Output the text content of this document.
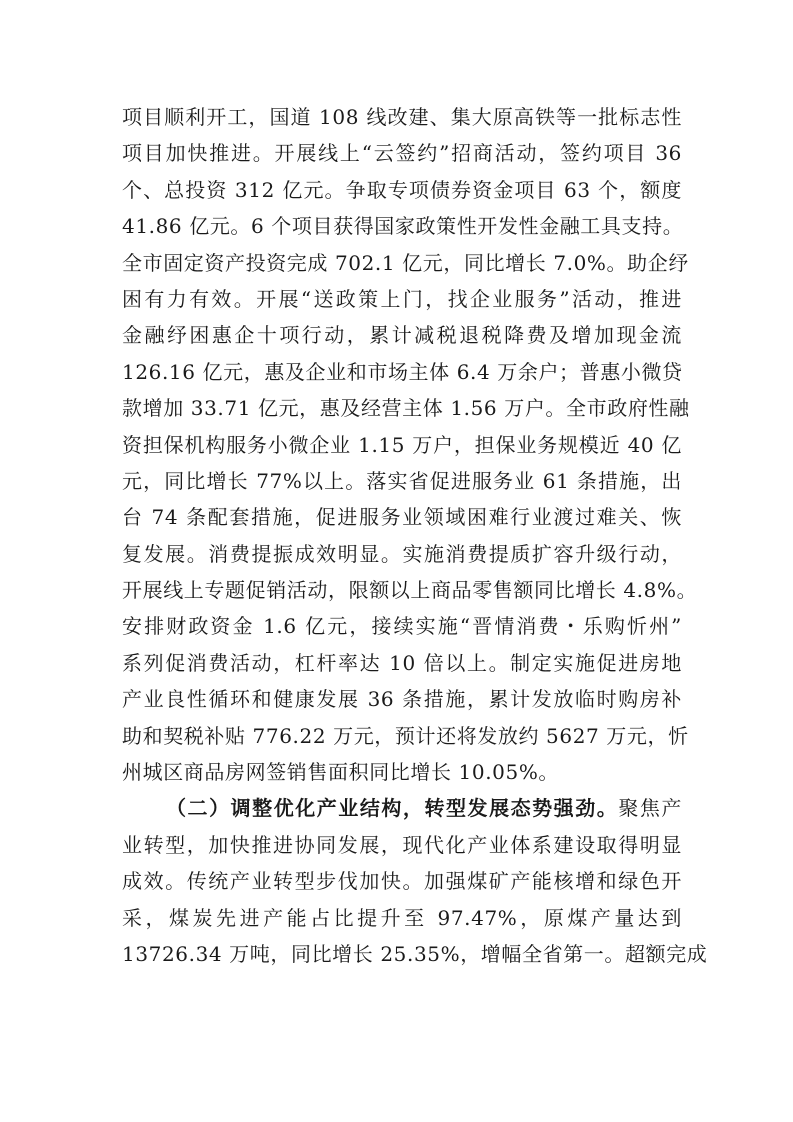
项目顺利开工，国道 108 线改建、集大原高铁等一批标志性
项目加快推进。开展线上“云签约”招商活动，签约项目 36
个、总投资 312 亿元。争取专项债券资金项目 63 个，额度
41.86 亿元。6 个项目获得国家政策性开发性金融工具支持。
全市固定资产投资完成 702.1 亿元，同比增长 7.0%。助企纾
困有力有效。开展“送政策上门，找企业服务”活动，推进
金融纾困惠企十项行动，累计减税退税降费及增加现金流
126.16 亿元，惠及企业和市场主体 6.4 万余户；普惠小微贷
款增加 33.71 亿元，惠及经营主体 1.56 万户。全市政府性融
资担保机构服务小微企业 1.15 万户，担保业务规模近 40 亿
元，同比增长 77%以上。落实省促进服务业 61 条措施，出
台 74 条配套措施，促进服务业领域困难行业渡过难关、恢
复发展。消费提振成效明显。实施消费提质扩容升级行动，
开展线上专题促销活动，限额以上商品零售额同比增长 4.8%。
安排财政资金 1.6 亿元，接续实施“晋情消费・乐购忻州”
系列促消费活动，杠杆率达 10 倍以上。制定实施促进房地
产业良性循环和健康发展 36 条措施，累计发放临时购房补
助和契税补贴 776.22 万元，预计还将发放约 5627 万元，忻
州城区商品房网签销售面积同比增长 10.05%。
（二）调整优化产业结构，转型发展态势强劲。聚焦产
业转型，加快推进协同发展，现代化产业体系建设取得明显
成效。传统产业转型步伐加快。加强煤矿产能核增和绿色开
采，煤炭先进产能占比提升至 97.47%，原煤产量达到
13726.34 万吨，同比增长 25.35%，增幅全省第一。超额完成
